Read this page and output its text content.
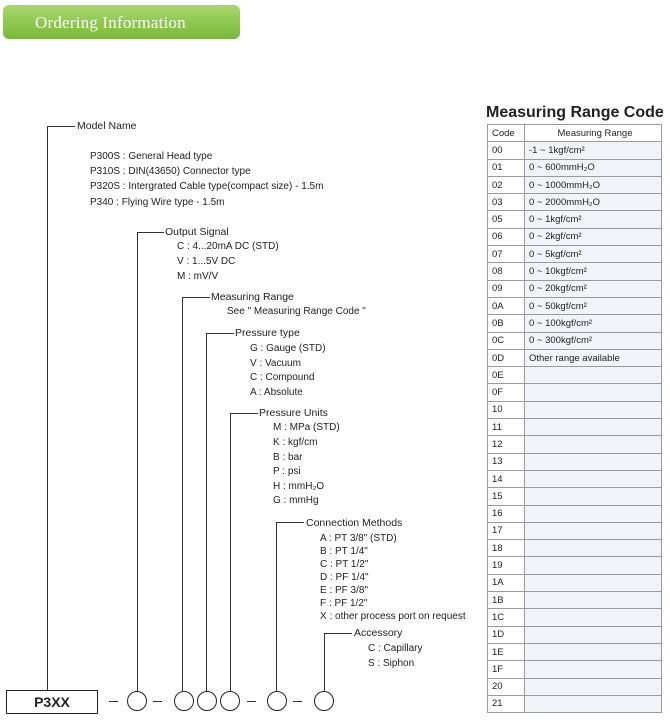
Ordering Information
Model Name
P300S : General Head type
P310S : DIN(43650) Connector type
P320S : Intergrated Cable type(compact size) - 1.5m
P340 : Flying Wire type - 1.5m
Output Signal
C : 4...20mA DC (STD)
V : 1...5V DC
M : mV/V
Measuring Range
See " Measuring Range Code "
Pressure type
G : Gauge (STD)
V : Vacuum
C : Compound
A : Absolute
Pressure Units
M : MPa (STD)
K : kgf/cm
B : bar
P : psi
H : mmH₂O
G : mmHg
Connection Methods
A : PT 3/8" (STD)
B : PT 1/4"
C : PT 1/2"
D : PF 1/4"
E : PF 3/8"
F : PF 1/2"
X : other process port on request
Accessory
C : Capillary
S : Siphon
P3XX
Measuring Range Code
Code	Measuring Range
00	-1 ~ 1kgf/cm²
01	0 ~ 600mmH₂O
02	0 ~ 1000mmH₂O
03	0 ~ 2000mmH₂O
05	0 ~ 1kgf/cm²
06	0 ~ 2kgf/cm²
07	0 ~ 5kgf/cm²
08	0 ~ 10kgf/cm²
09	0 ~ 20kgf/cm²
0A	0 ~ 50kgf/cm²
0B	0 ~ 100kgf/cm²
0C	0 ~ 300kgf/cm²
0D	Other range available
0E	
0F	
10	
11	
12	
13	
14	
15	
16	
17	
18	
19	
1A	
1B	
1C	
1D	
1E	
1F	
20	
21	
